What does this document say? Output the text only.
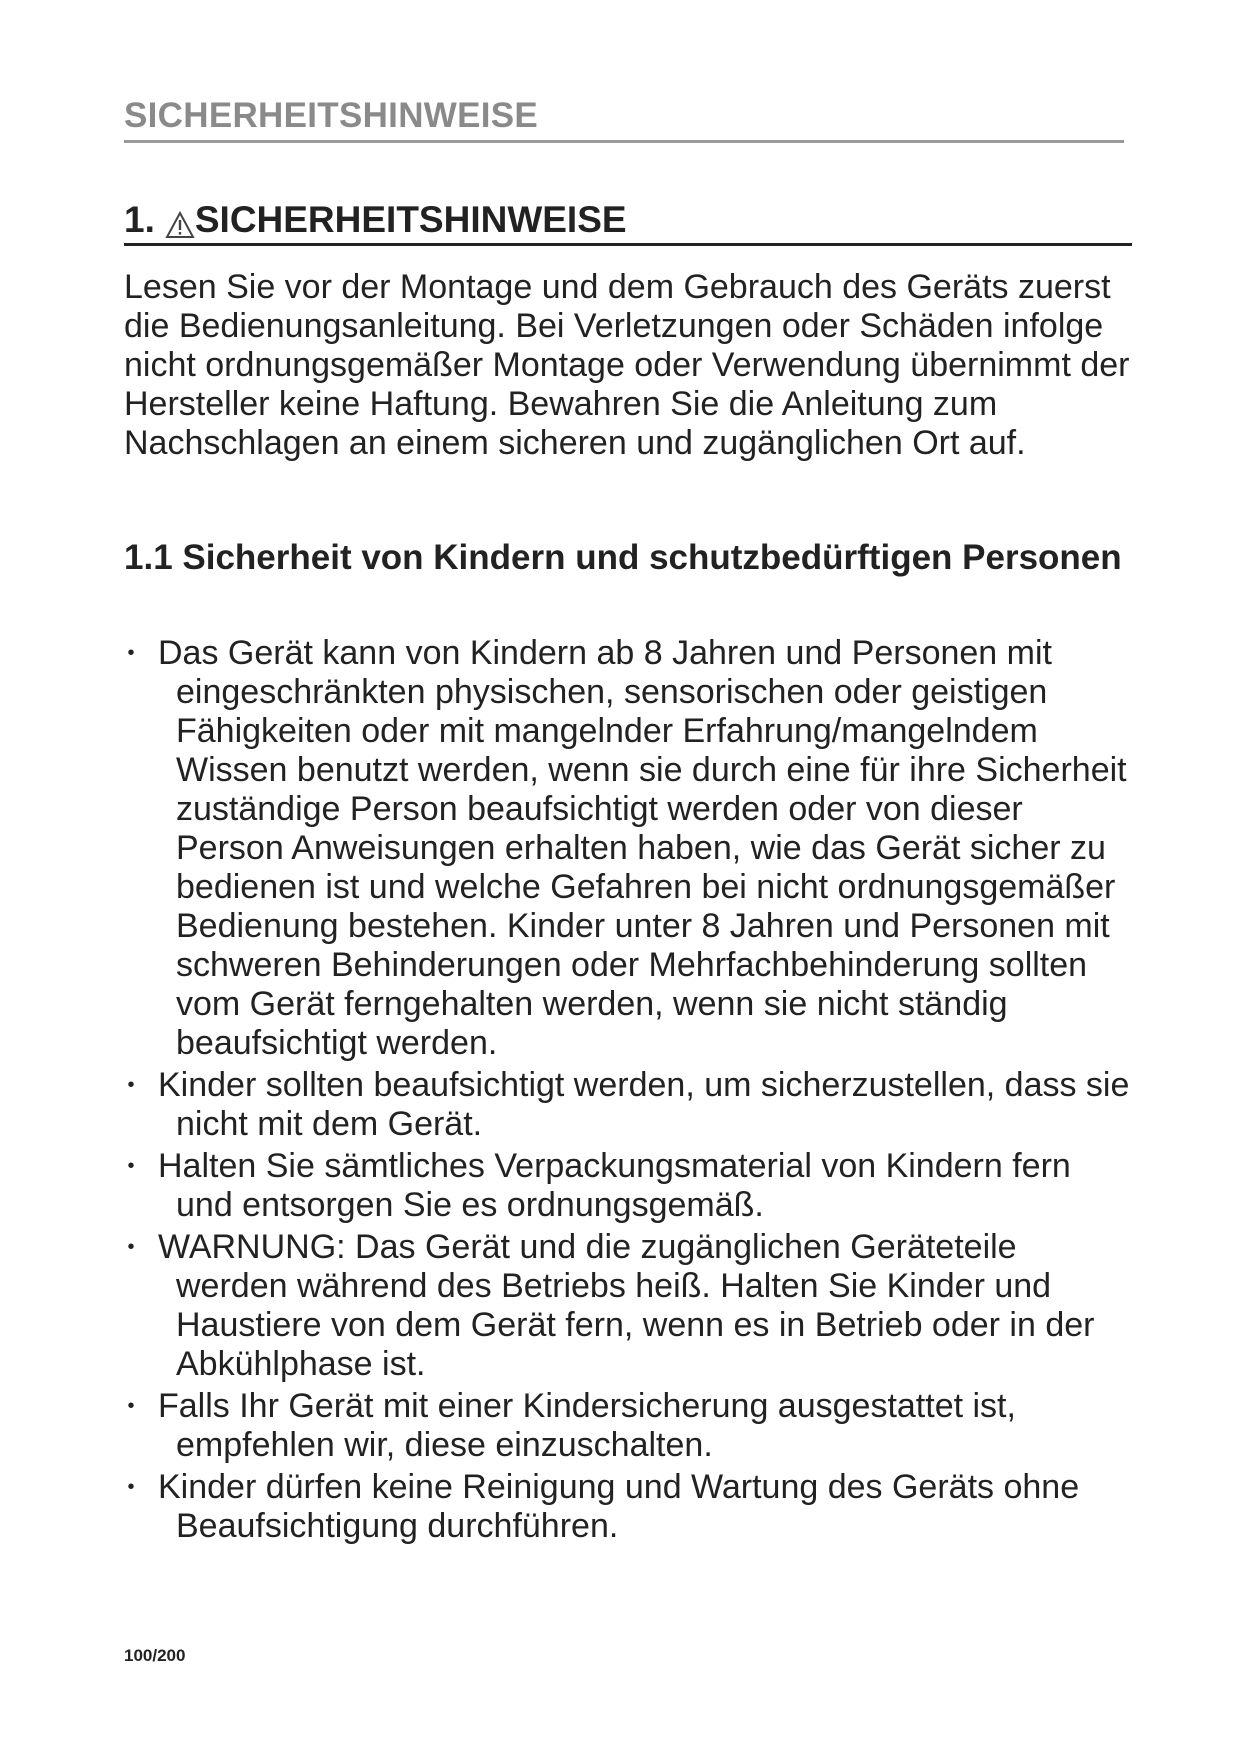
SICHERHEITSHINWEISE
1. SICHERHEITSHINWEISE

Lesen Sie vor der Montage und dem Gebrauch des Geräts zuerst die Bedienungsanleitung. Bei Verletzungen oder Schäden infolge nicht ordnungsgemäßer Montage oder Verwendung übernimmt der Hersteller keine Haftung. Bewahren Sie die Anleitung zum Nachschlagen an einem sicheren und zugänglichen Ort auf.

1.1 Sicherheit von Kindern und schutzbedürftigen Personen
• Das Gerät kann von Kindern ab 8 Jahren und Personen mit eingeschränkten physischen, sensorischen oder geistigen Fähigkeiten oder mit mangelnder Erfahrung/mangelndem Wissen benutzt werden, wenn sie durch eine für ihre Sicherheit zuständige Person beaufsichtigt werden oder von dieser Person Anweisungen erhalten haben, wie das Gerät sicher zu bedienen ist und welche Gefahren bei nicht ordnungsgemäßer Bedienung bestehen. Kinder unter 8 Jahren und Personen mit schweren Behinderungen oder Mehrfachbehinderung sollten vom Gerät ferngehalten werden, wenn sie nicht ständig beaufsichtigt werden.
• Kinder sollten beaufsichtigt werden, um sicherzustellen, dass sie nicht mit dem Gerät.
• Halten Sie sämtliches Verpackungsmaterial von Kindern fern und entsorgen Sie es ordnungsgemäß.
• WARNUNG: Das Gerät und die zugänglichen Geräteteile werden während des Betriebs heiß. Halten Sie Kinder und Haustiere von dem Gerät fern, wenn es in Betrieb oder in der Abkühlphase ist.
• Falls Ihr Gerät mit einer Kindersicherung ausgestattet ist, empfehlen wir, diese einzuschalten.
• Kinder dürfen keine Reinigung und Wartung des Geräts ohne Beaufsichtigung durchführen.
100/200
